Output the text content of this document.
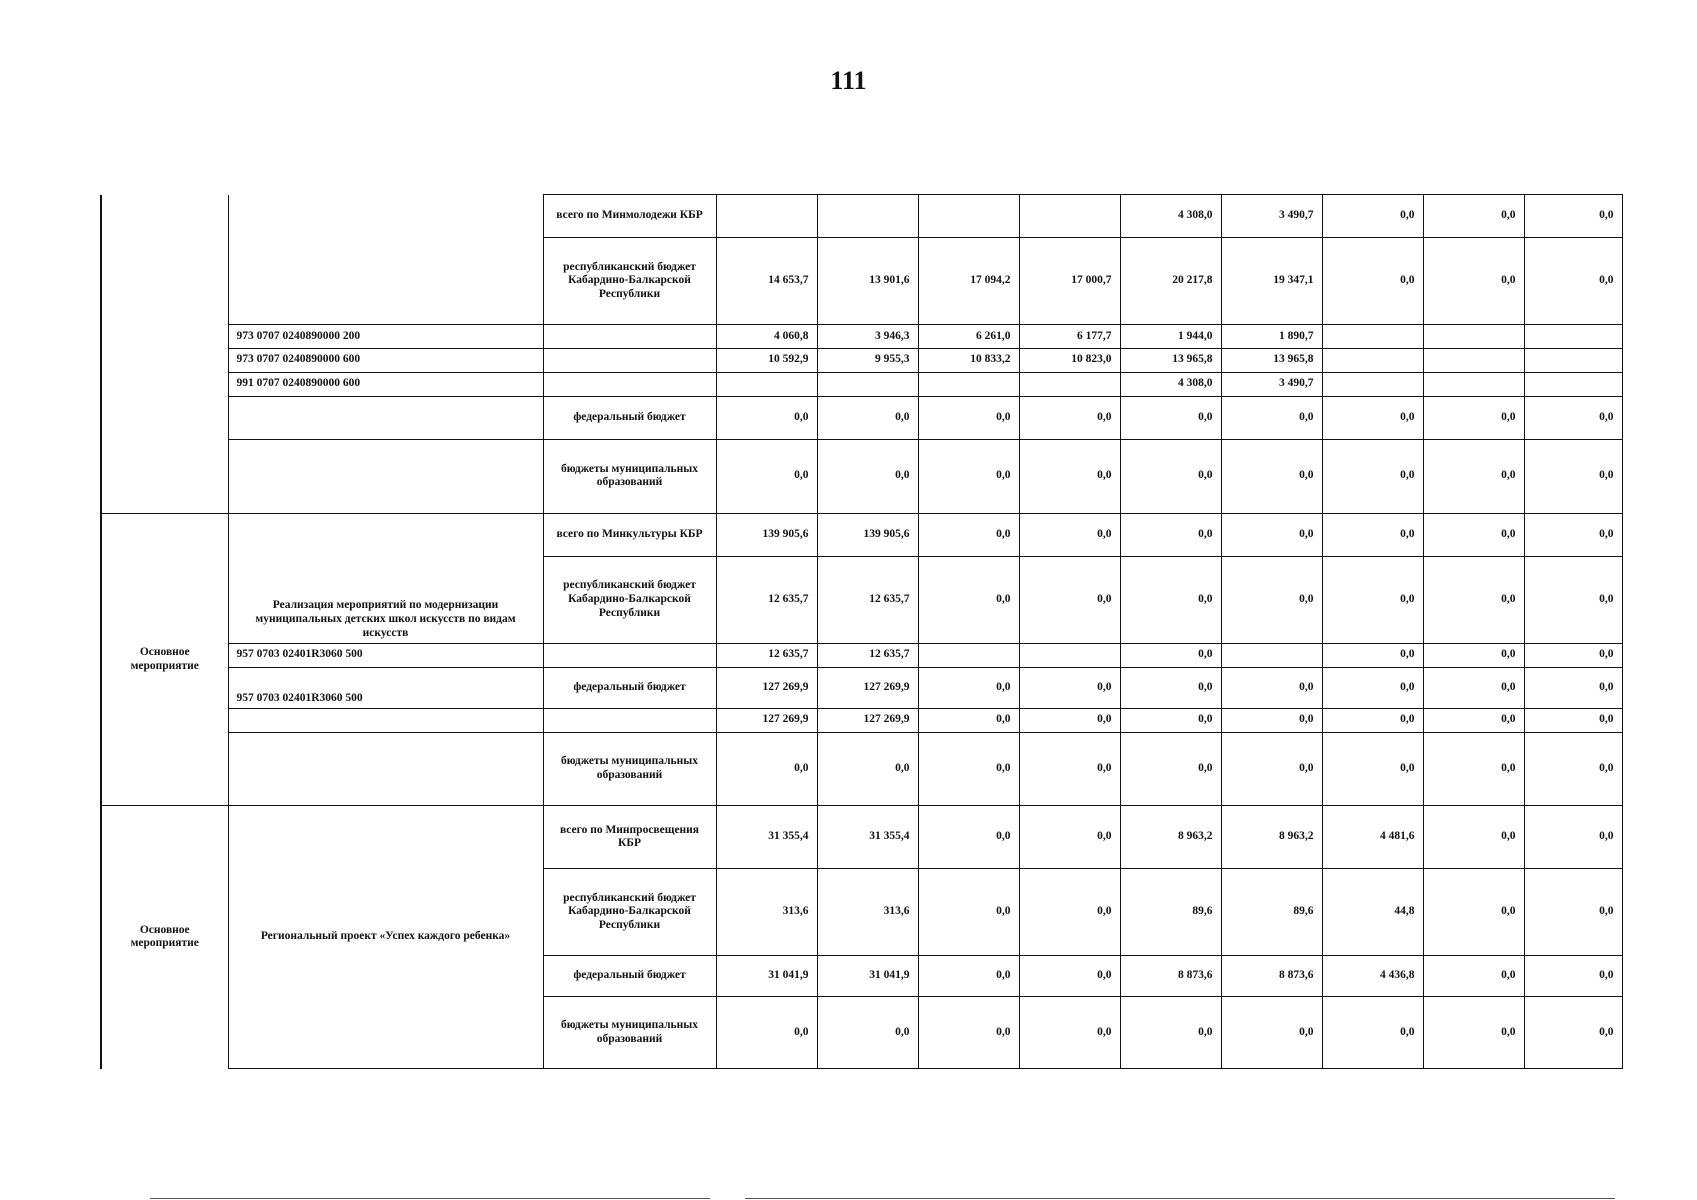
111
		всего по Минмолодежи КБР					4 308,0	3 490,7	0,0	0,0	0,0
		республиканский бюджет Кабардино-Балкарской Республики	14 653,7	13 901,6	17 094,2	17 000,7	20 217,8	19 347,1	0,0	0,0	0,0
	973 0707 0240890000 200		4 060,8	3 946,3	6 261,0	6 177,7	1 944,0	1 890,7			
	973 0707 0240890000 600		10 592,9	9 955,3	10 833,2	10 823,0	13 965,8	13 965,8			
	991 0707 0240890000 600						4 308,0	3 490,7			
		федеральный бюджет	0,0	0,0	0,0	0,0	0,0	0,0	0,0	0,0	0,0
		бюджеты муниципальных образований	0,0	0,0	0,0	0,0	0,0	0,0	0,0	0,0	0,0
Основное мероприятие	Реализация мероприятий по модернизации муниципальных детских школ искусств по видам искусств	всего по Минкультуры КБР	139 905,6	139 905,6	0,0	0,0	0,0	0,0	0,0	0,0	0,0
		республиканский бюджет Кабардино-Балкарской Республики	12 635,7	12 635,7	0,0	0,0	0,0	0,0	0,0	0,0	0,0
	957 0703 02401R3060 500		12 635,7	12 635,7			0,0		0,0	0,0	0,0
	957 0703 02401R3060 500	федеральный бюджет	127 269,9	127 269,9	0,0	0,0	0,0	0,0	0,0	0,0	0,0
			127 269,9	127 269,9	0,0	0,0	0,0	0,0	0,0	0,0	0,0
		бюджеты муниципальных образований	0,0	0,0	0,0	0,0	0,0	0,0	0,0	0,0	0,0
Основное мероприятие	Региональный проект «Успех каждого ребенка»	всего по Минпросвещения КБР	31 355,4	31 355,4	0,0	0,0	8 963,2	8 963,2	4 481,6	0,0	0,0
		республиканский бюджет Кабардино-Балкарской Республики	313,6	313,6	0,0	0,0	89,6	89,6	44,8	0,0	0,0
		федеральный бюджет	31 041,9	31 041,9	0,0	0,0	8 873,6	8 873,6	4 436,8	0,0	0,0
		бюджеты муниципальных образований	0,0	0,0	0,0	0,0	0,0	0,0	0,0	0,0	0,0
